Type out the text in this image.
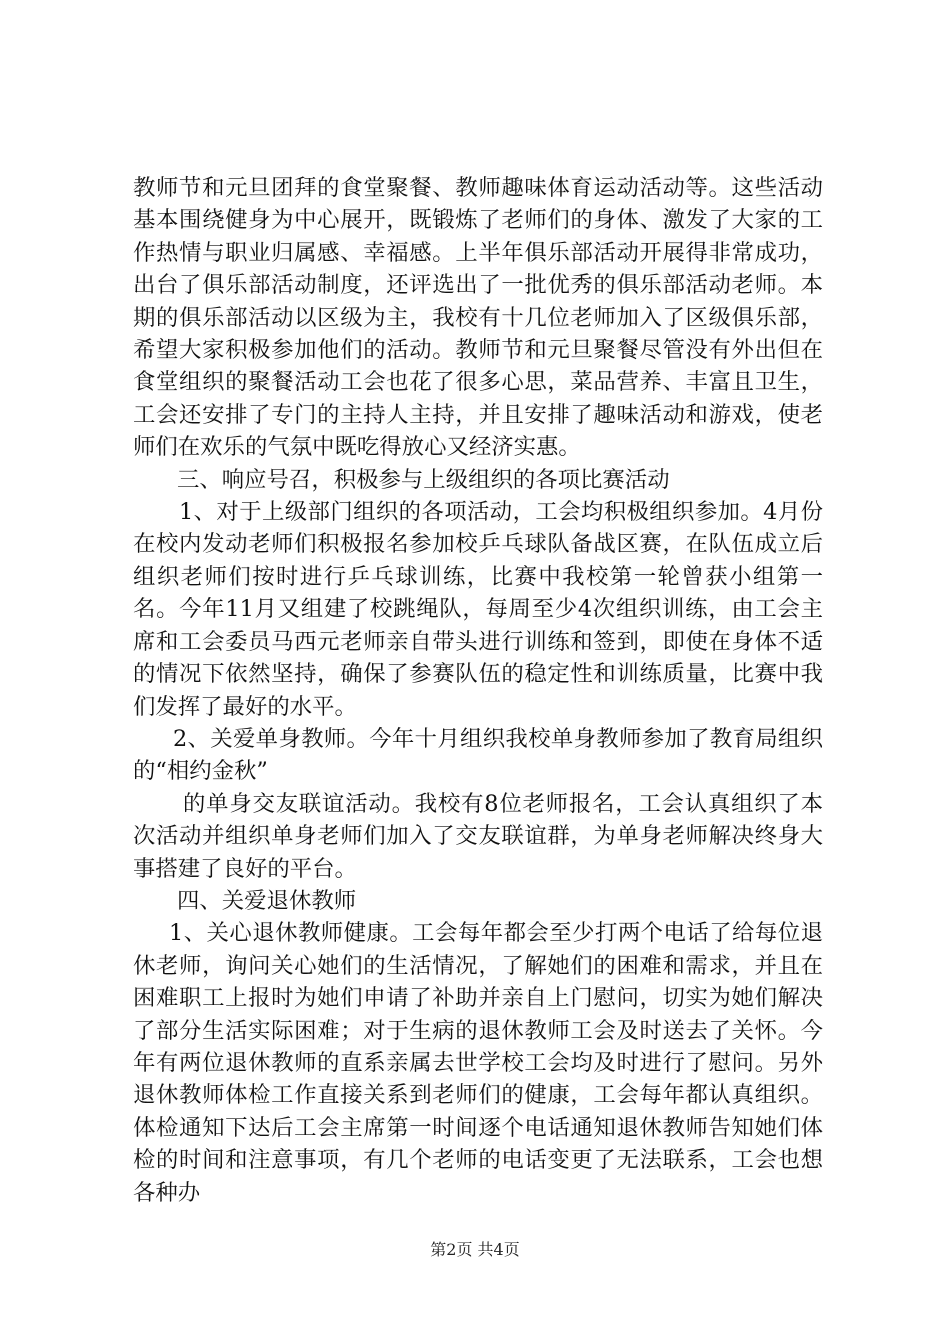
教师节和元旦团拜的食堂聚餐、教师趣味体育运动活动等。这些活动基本围绕健身为中心展开，既锻炼了老师们的身体、激发了大家的工作热情与职业归属感、幸福感。上半年俱乐部活动开展得非常成功，出台了俱乐部活动制度，还评选出了一批优秀的俱乐部活动老师。本期的俱乐部活动以区级为主，我校有十几位老师加入了区级俱乐部，希望大家积极参加他们的活动。教师节和元旦聚餐尽管没有外出但在食堂组织的聚餐活动工会也花了很多心思，菜品营养、丰富且卫生，工会还安排了专门的主持人主持，并且安排了趣味活动和游戏，使老师们在欢乐的气氛中既吃得放心又经济实惠。

三、响应号召，积极参与上级组织的各项比赛活动

1、对于上级部门组织的各项活动，工会均积极组织参加。4月份在校内发动老师们积极报名参加校乒乓球队备战区赛，在队伍成立后组织老师们按时进行乒乓球训练，比赛中我校第一轮曾获小组第一名。今年11月又组建了校跳绳队，每周至少4次组织训练，由工会主席和工会委员马西元老师亲自带头进行训练和签到，即使在身体不适的情况下依然坚持，确保了参赛队伍的稳定性和训练质量，比赛中我们发挥了最好的水平。

2、关爱单身教师。今年十月组织我校单身教师参加了教育局组织的“相约金秋”

的单身交友联谊活动。我校有8位老师报名，工会认真组织了本次活动并组织单身老师们加入了交友联谊群，为单身老师解决终身大事搭建了良好的平台。

四、关爱退休教师

1、关心退休教师健康。工会每年都会至少打两个电话了给每位退休老师，询问关心她们的生活情况，了解她们的困难和需求，并且在困难职工上报时为她们申请了补助并亲自上门慰问，切实为她们解决了部分生活实际困难；对于生病的退休教师工会及时送去了关怀。今年有两位退休教师的直系亲属去世学校工会均及时进行了慰问。另外退休教师体检工作直接关系到老师们的健康，工会每年都认真组织。体检通知下达后工会主席第一时间逐个电话通知退休教师告知她们体检的时间和注意事项，有几个老师的电话变更了无法联系，工会也想各种办

第2页 共4页
